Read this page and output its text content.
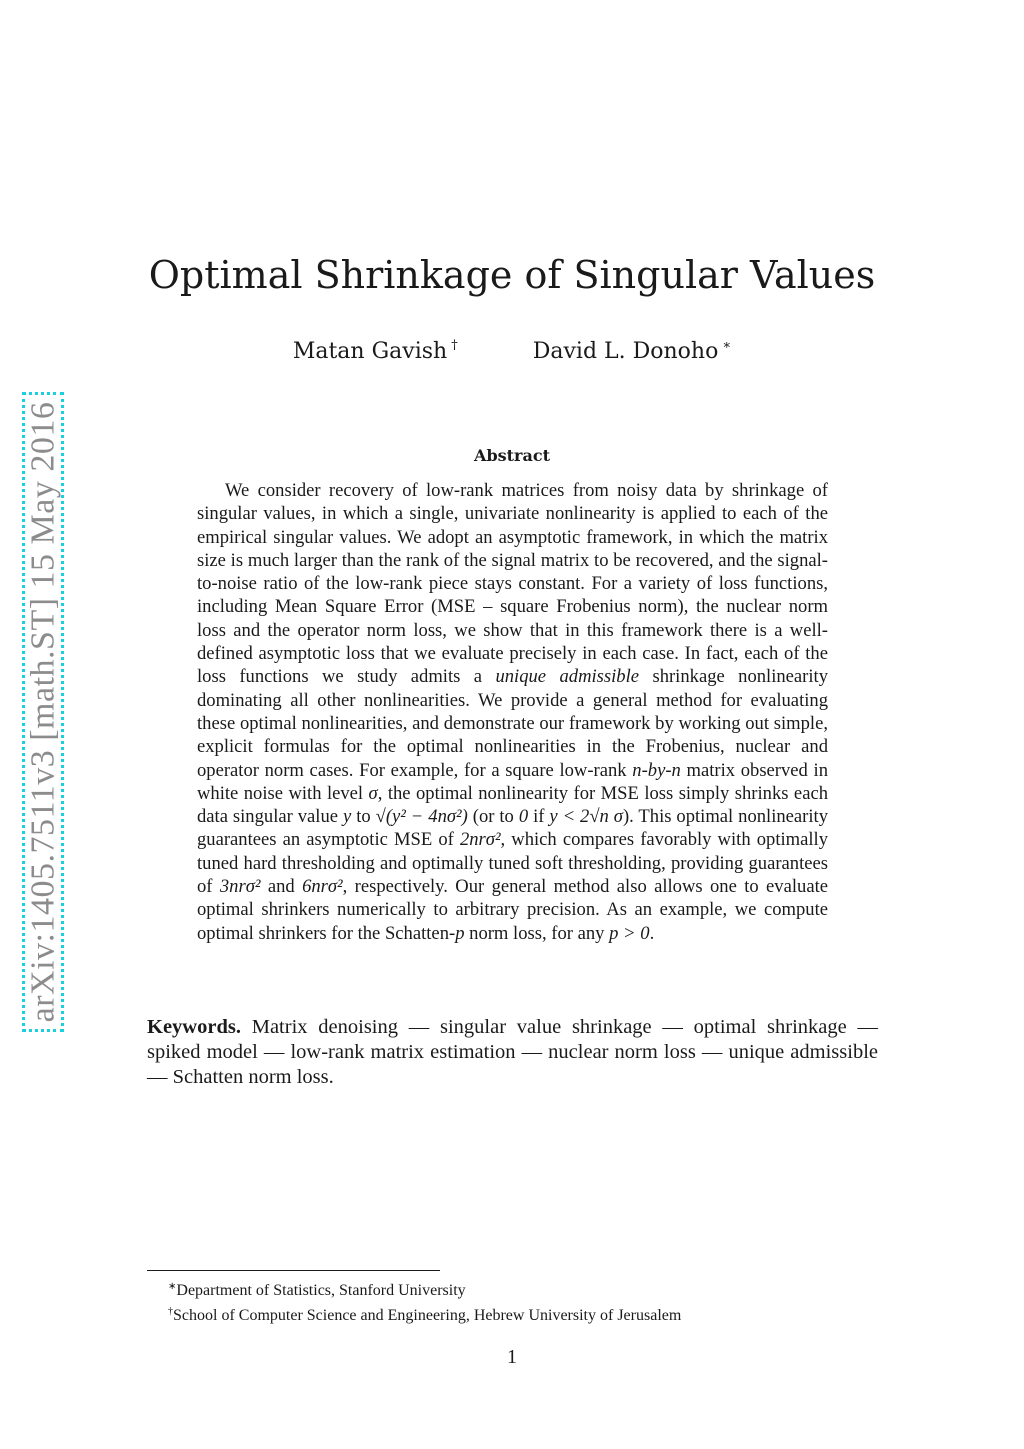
arXiv:1405.7511v3 [math.ST] 15 May 2016
Optimal Shrinkage of Singular Values
Matan Gavish †	David L. Donoho ∗
Abstract

We consider recovery of low-rank matrices from noisy data by shrinkage of singular values, in which a single, univariate nonlinearity is applied to each of the empirical singular values. We adopt an asymptotic framework, in which the matrix size is much larger than the rank of the signal matrix to be recovered, and the signal-to-noise ratio of the low-rank piece stays constant. For a variety of loss functions, including Mean Square Error (MSE – square Frobenius norm), the nuclear norm loss and the operator norm loss, we show that in this framework there is a well-defined asymptotic loss that we evaluate precisely in each case. In fact, each of the loss functions we study admits a unique admissible shrinkage nonlinearity dominating all other nonlinearities. We provide a general method for evaluating these optimal nonlinearities, and demonstrate our framework by working out simple, explicit formulas for the optimal nonlinearities in the Frobenius, nuclear and operator norm cases. For example, for a square low-rank n-by-n matrix observed in white noise with level σ, the optimal nonlinearity for MSE loss simply shrinks each data singular value y to √(y² − 4nσ²) (or to 0 if y < 2√n σ). This optimal nonlinearity guarantees an asymptotic MSE of 2nrσ², which compares favorably with optimally tuned hard thresholding and optimally tuned soft thresholding, providing guarantees of 3nrσ² and 6nrσ², respectively. Our general method also allows one to evaluate optimal shrinkers numerically to arbitrary precision. As an example, we compute optimal shrinkers for the Schatten-p norm loss, for any p > 0.

Keywords. Matrix denoising — singular value shrinkage — optimal shrinkage — spiked model — low-rank matrix estimation — nuclear norm loss — unique admissible — Schatten norm loss.

∗Department of Statistics, Stanford University
†School of Computer Science and Engineering, Hebrew University of Jerusalem
1
